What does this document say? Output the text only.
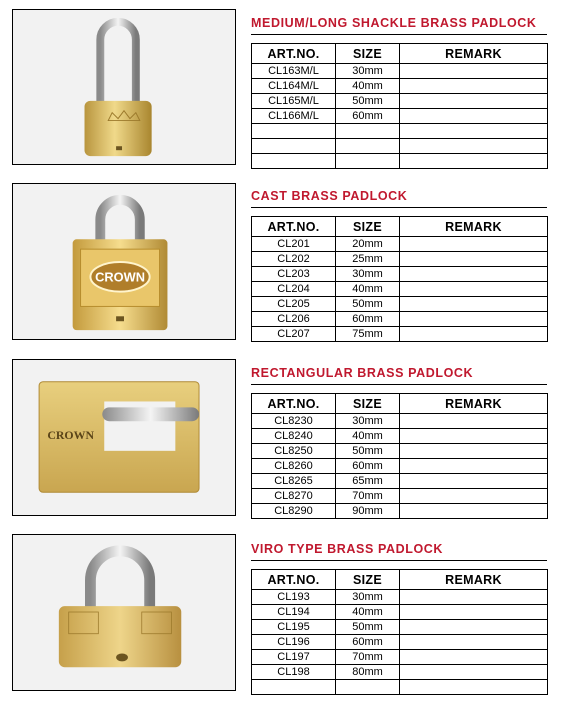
MEDIUM/LONG SHACKLE BRASS PADLOCK
ART.NO.	SIZE	REMARK
CL163M/L	30mm	
CL164M/L	40mm	
CL165M/L	50mm	
CL166M/L	60mm	

CROWN
CAST BRASS PADLOCK
ART.NO.	SIZE	REMARK
CL201	20mm	
CL202	25mm	
CL203	30mm	
CL204	40mm	
CL205	50mm	
CL206	60mm	
CL207	75mm	
CROWN
RECTANGULAR BRASS PADLOCK
ART.NO.	SIZE	REMARK
CL8230	30mm	
CL8240	40mm	
CL8250	50mm	
CL8260	60mm	
CL8265	65mm	
CL8270	70mm	
CL8290	90mm	
VIRO TYPE BRASS PADLOCK
ART.NO.	SIZE	REMARK
CL193	30mm	
CL194	40mm	
CL195	50mm	
CL196	60mm	
CL197	70mm	
CL198	80mm	
